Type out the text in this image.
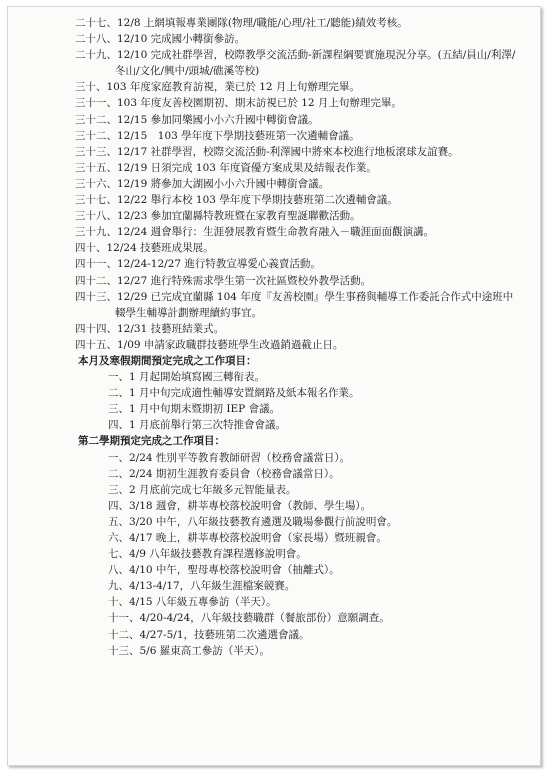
二十七、12/8 上網填報專業團隊(物理/職能/心理/社工/聽能)績效考核。
二十八、12/10 完成國小轉銜參訪。
二十九、12/10 完成社群學習，校際教學交流活動-新課程綱要實施現況分享。(五結/員山/利澤/冬山/文化/興中/頭城/礁溪等校)
三十、103 年度家庭教育訪視，業已於 12 月上旬辦理完畢。
三十一、103 年度友善校園期初、期末訪視已於 12 月上旬辦理完畢。
三十二、12/15 參加同樂國小小六升國中轉銜會議。
三十二、12/15　103 學年度下學期技藝班第一次遴輔會議。
三十三、12/17 社群學習，校際交流活動-利澤國中將來本校進行地板滾球友誼賽。
三十五、12/19 日須完成 103 年度資優方案成果及結報表作業。
三十六、12/19 將參加大湖國小小六升國中轉銜會議。
三十七、12/22 舉行本校 103 學年度下學期技藝班第二次遴輔會議。
三十八、12/23 參加宜蘭縣特教班暨在家教育聖誕聯歡活動。
三十九、12/24 週會舉行：生涯發展教育暨生命教育融入－職涯面面觀演講。
四十、12/24 技藝班成果展。
四十一、12/24-12/27 進行特教宣導愛心義賣活動。
四十二、12/27 進行特殊需求學生第一次社區暨校外教學活動。
四十三、12/29 已完成宜蘭縣 104 年度『友善校園』學生事務與輔導工作委託合作式中途班中輟學生輔導計劃辦理續約事宜。
四十四、12/31 技藝班結業式。
四十五、1/09 申請家政職群技藝班學生改過銷過截止日。
本月及寒假期間預定完成之工作項目：
一、1 月起開始填寫國三轉衔表。
二、1 月中旬完成適性輔導安置網路及紙本報名作業。
三、1 月中旬期末暨期初 IEP 會議。
四、1 月底前舉行第三次特推會會議。
第二學期預定完成之工作項目：
一、2/24 性別平等教育教師研習（校務會議當日）。
二、2/24 期初生涯教育委員會（校務會議當日）。
三、2 月底前完成七年級多元智能量表。
四、3/18 週會，耕莘專校落校說明會（教師、學生場）。
五、3/20 中午，八年級技藝教育遴選及職場參觀行前說明會。
六、4/17 晚上，耕莘專校落校說明會（家長場）暨班親會。
七、4/9 八年級技藝教育課程選修說明會。
八、4/10 中午，聖母專校落校說明會（抽離式）。
九、4/13-4/17，八年級生涯檔案競賽。
十、4/15 八年級五專參訪（半天）。
十一、4/20-4/24，八年級技藝職群（餐旅部份）意願調查。
十二、4/27-5/1，技藝班第二次遴選會議。
十三、5/6 羅東高工參訪（半天）。
